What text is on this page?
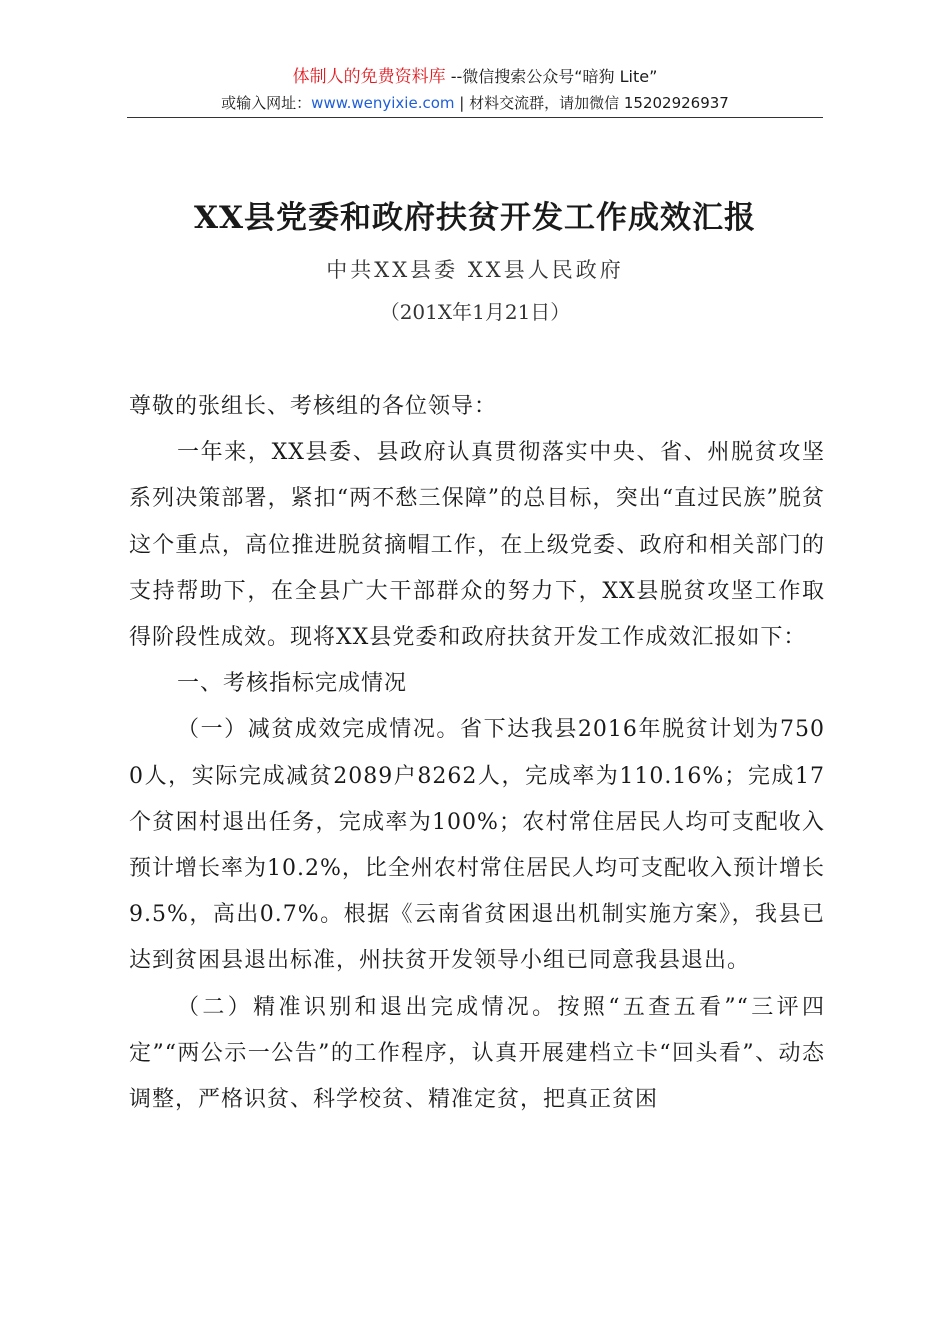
体制人的免费资料库 --微信搜索公众号“暗狗 Lite”
或输入网址：www.wenyixie.com | 材料交流群，请加微信 15202926937
XX县党委和政府扶贫开发工作成效汇报
中共XX县委 XX县人民政府
（201X年1月21日）

尊敬的张组长、考核组的各位领导：

一年来，XX县委、县政府认真贯彻落实中央、省、州脱贫攻坚系列决策部署，紧扣“两不愁三保障”的总目标，突出“直过民族”脱贫这个重点，高位推进脱贫摘帽工作，在上级党委、政府和相关部门的支持帮助下，在全县广大干部群众的努力下，XX县脱贫攻坚工作取得阶段性成效。现将XX县党委和政府扶贫开发工作成效汇报如下：

一、考核指标完成情况

（一）减贫成效完成情况。省下达我县2016年脱贫计划为7500人，实际完成减贫2089户8262人，完成率为110.16%；完成17个贫困村退出任务，完成率为100%；农村常住居民人均可支配收入预计增长率为10.2%，比全州农村常住居民人均可支配收入预计增长9.5%，高出0.7%。根据《云南省贫困退出机制实施方案》，我县已达到贫困县退出标准，州扶贫开发领导小组已同意我县退出。

（二）精准识别和退出完成情况。按照“五查五看”“三评四定”“两公示一公告”的工作程序，认真开展建档立卡“回头看”、动态调整，严格识贫、科学校贫、精准定贫，把真正贫困
